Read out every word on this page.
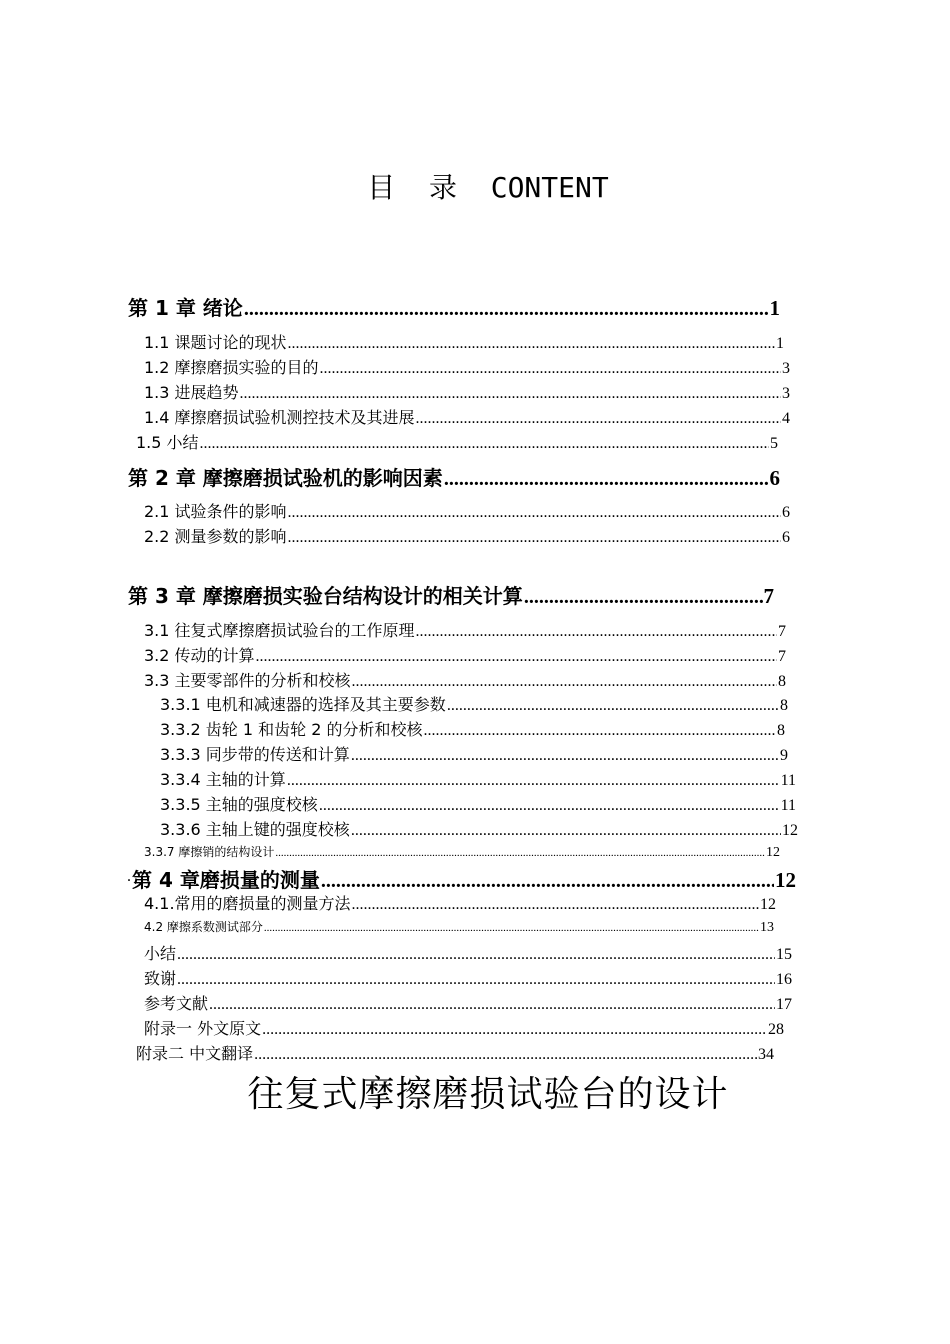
目  录  CONTENT
第 1 章 绪论 .....	1
1.1 课题讨论的现状 .....	1
1.2 摩擦磨损实验的目的 .....	3
1.3 进展趋势 .....	3
1.4 摩擦磨损试验机测控技术及其进展 .....	4
1.5 小结 .....	5
第 2 章 摩擦磨损试验机的影响因素 .....	6
2.1 试验条件的影响 .....	6
2.2 测量参数的影响 .....	6
第 3 章 摩擦磨损实验台结构设计的相关计算 .....	7
3.1 往复式摩擦磨损试验台的工作原理 .....	7
3.2 传动的计算 .....	7
3.3 主要零部件的分析和校核 .....	8
3.3.1 电机和减速器的选择及其主要参数 .....	8
3.3.2 齿轮 1 和齿轮 2 的分析和校核 .....	8
3.3.3 同步带的传送和计算 .....	9
3.3.4 主轴的计算 .....	11
3.3.5 主轴的强度校核 .....	11
3.3.6 主轴上键的强度校核 .....	12
3.3.7 摩擦销的结构设计 .....	12
. 第 4 章磨损量的测量 .....	12
4.1.常用的磨损量的测量方法 .....	12
4.2 摩擦系数测试部分 .....	13
小结 .....	15
致谢 .....	16
参考文献 .....	17
附录一 外文原文 .....	28
附录二 中文翻译 .....	34
往复式摩擦磨损试验台的设计
